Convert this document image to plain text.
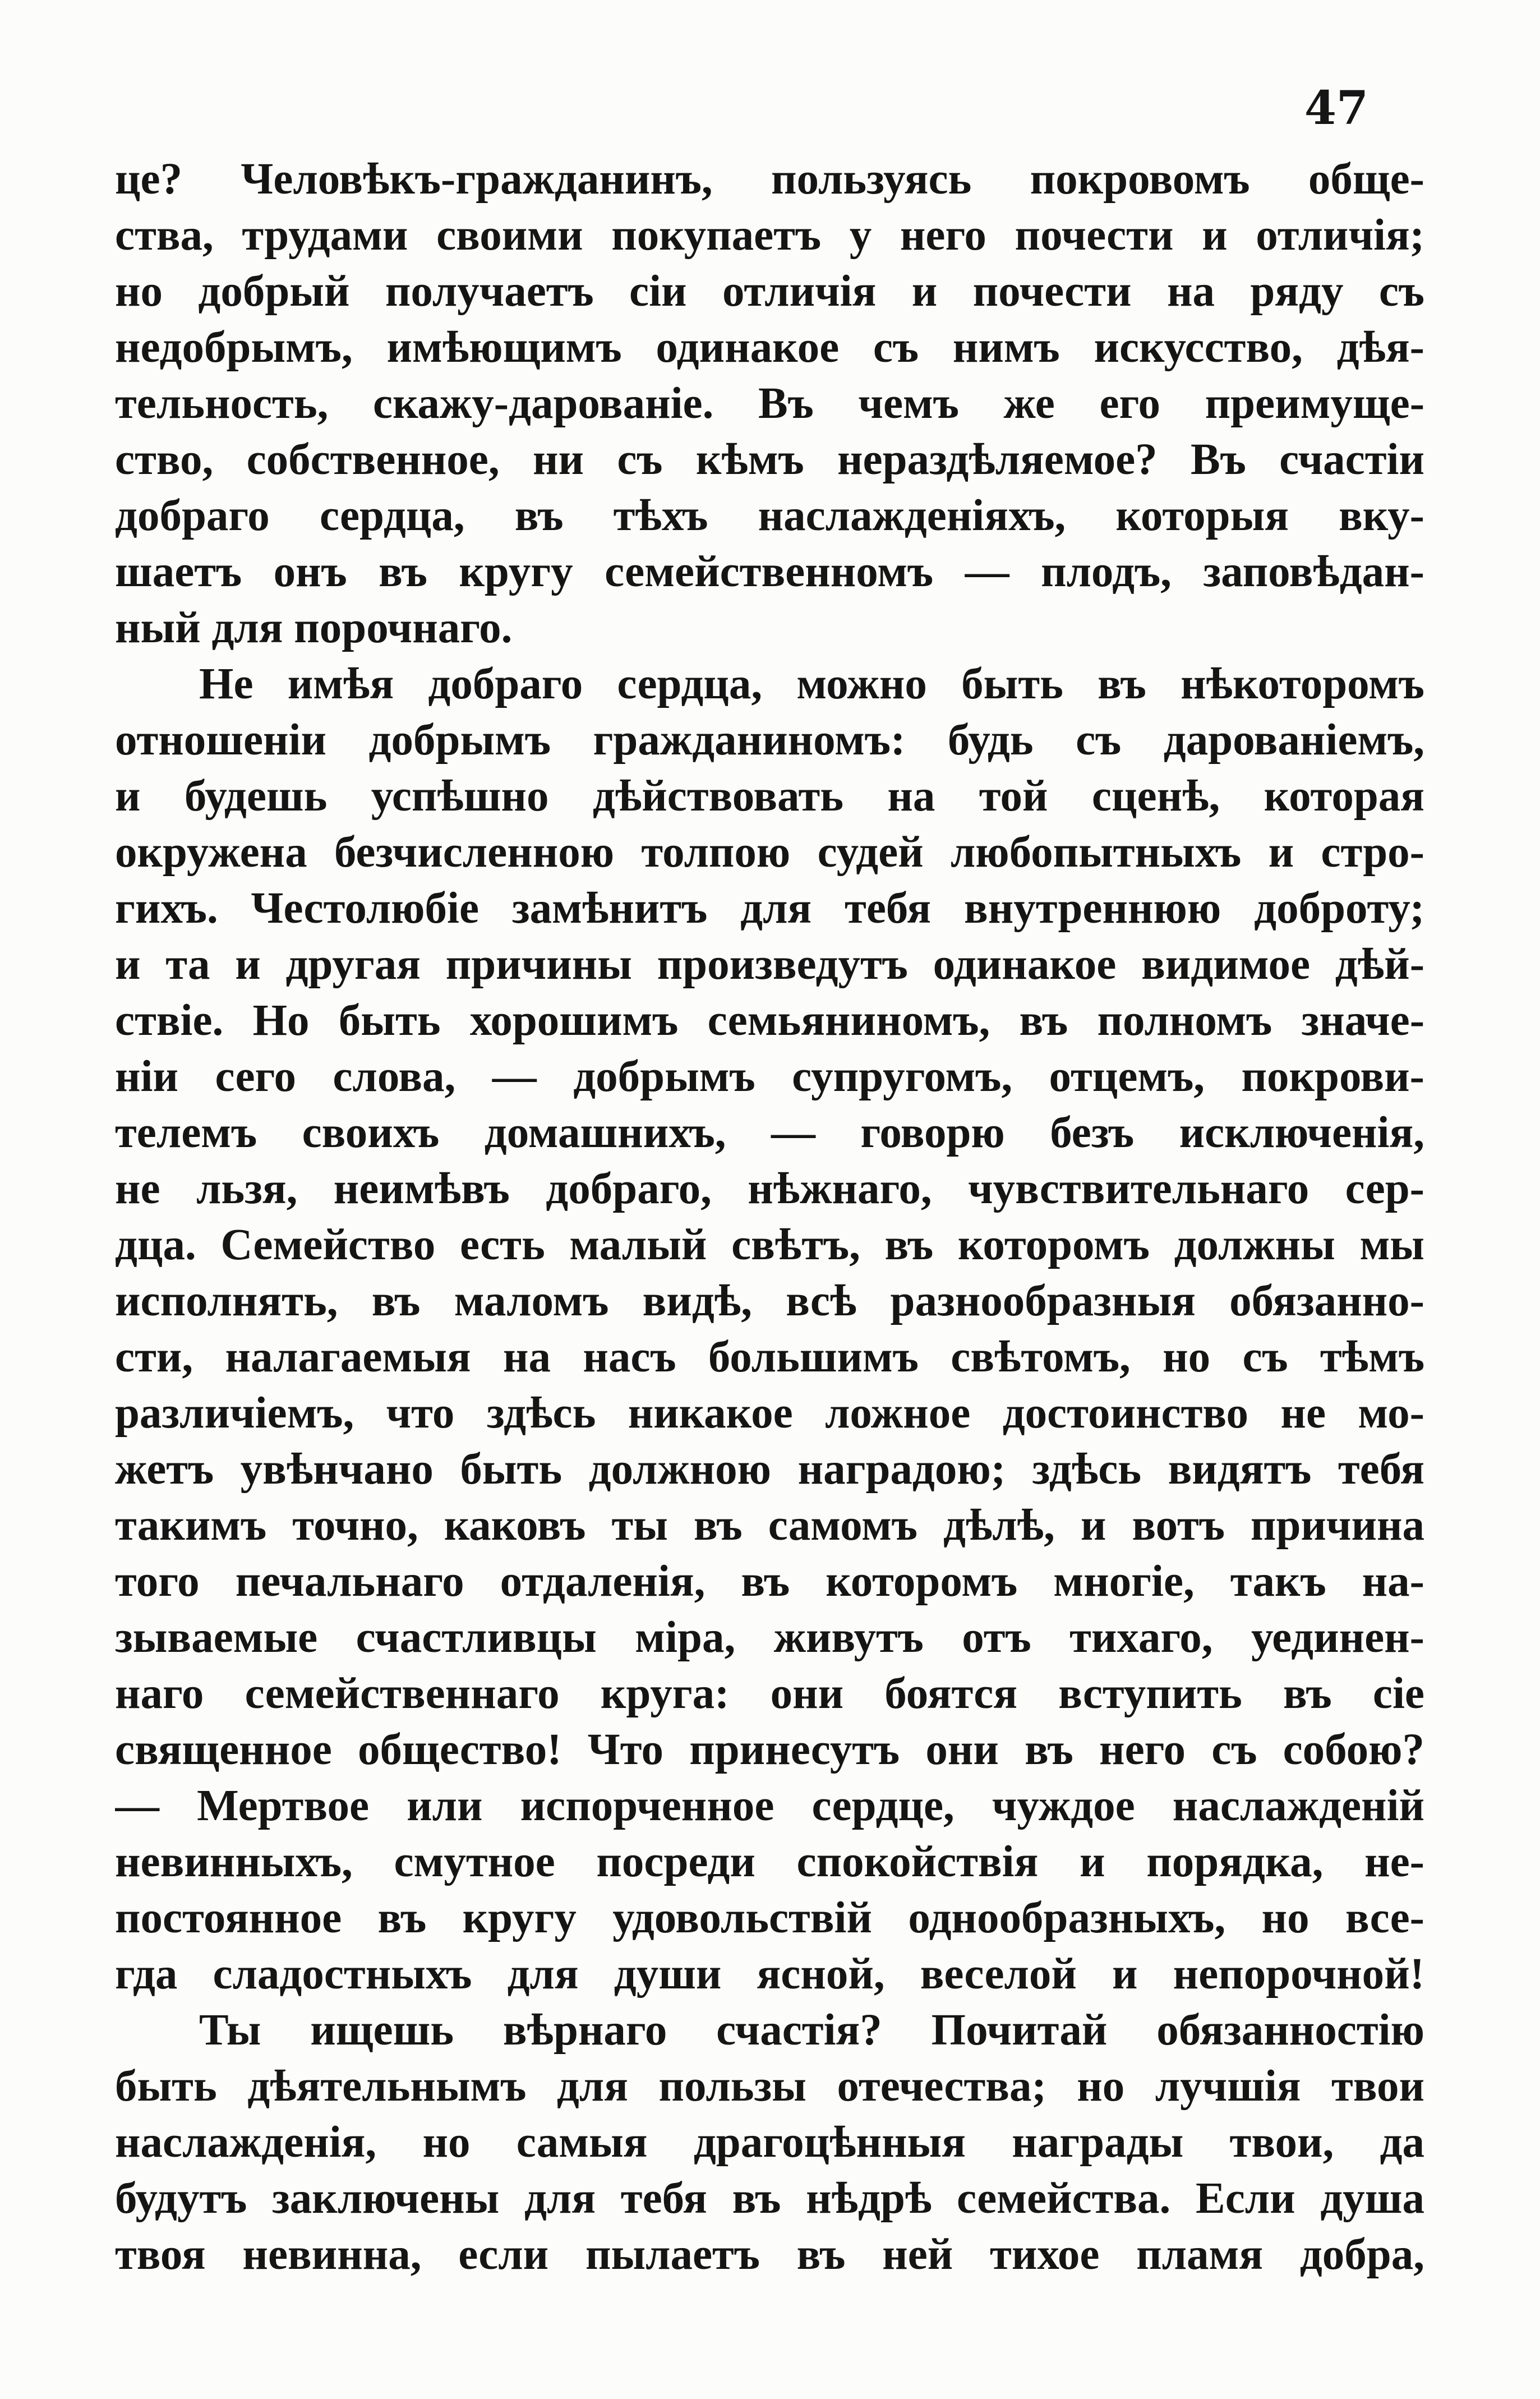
47
це? Человѣкъ-гражданинъ, пользуясь покровомъ обще-
ства, трудами своими покупаетъ у него почести и отличія;
но добрый получаетъ сіи отличія и почести на ряду съ
недобрымъ, имѣющимъ одинакое съ нимъ искусство, дѣя-
тельность, скажу-дарованіе. Въ чемъ же его преимуще-
ство, собственное, ни съ кѣмъ нераздѣляемое? Въ счастіи
добраго сердца, въ тѣхъ наслажденіяхъ, которыя вку-
шаетъ онъ въ кругу семейственномъ — плодъ, заповѣдан-
ный для порочнаго.
Не имѣя добраго сердца, можно быть въ нѣкоторомъ
отношеніи добрымъ гражданиномъ: будь съ дарованіемъ,
и будешь успѣшно дѣйствовать на той сценѣ, которая
окружена безчисленною толпою судей любопытныхъ и стро-
гихъ. Честолюбіе замѣнитъ для тебя внутреннюю доброту;
и та и другая причины произведутъ одинакое видимое дѣй-
ствіе. Но быть хорошимъ семьяниномъ, въ полномъ значе-
ніи сего слова, — добрымъ супругомъ, отцемъ, покрови-
телемъ своихъ домашнихъ, — говорю безъ исключенія,
не льзя, неимѣвъ добраго, нѣжнаго, чувствительнаго сер-
дца. Семейство есть малый свѣтъ, въ которомъ должны мы
исполнять, въ маломъ видѣ, всѣ разнообразныя обязанно-
сти, налагаемыя на насъ большимъ свѣтомъ, но съ тѣмъ
различіемъ, что здѣсь никакое ложное достоинство не мо-
жетъ увѣнчано быть должною наградою; здѣсь видятъ тебя
такимъ точно, каковъ ты въ самомъ дѣлѣ, и вотъ причина
того печальнаго отдаленія, въ которомъ многіе, такъ на-
зываемые счастливцы міра, живутъ отъ тихаго, уединен-
наго семейственнаго круга: они боятся вступить въ сіе
священное общество! Что принесутъ они въ него съ собою?
— Мертвое или испорченное сердце, чуждое наслажденій
невинныхъ, смутное посреди спокойствія и порядка, не-
постоянное въ кругу удовольствій однообразныхъ, но все-
гда сладостныхъ для души ясной, веселой и непорочной!
Ты ищешь вѣрнаго счастія? Почитай обязанностію
быть дѣятельнымъ для пользы отечества; но лучшія твои
наслажденія, но самыя драгоцѣнныя награды твои, да
будутъ заключены для тебя въ нѣдрѣ семейства. Если душа
твоя невинна, если пылаетъ въ ней тихое пламя добра,
